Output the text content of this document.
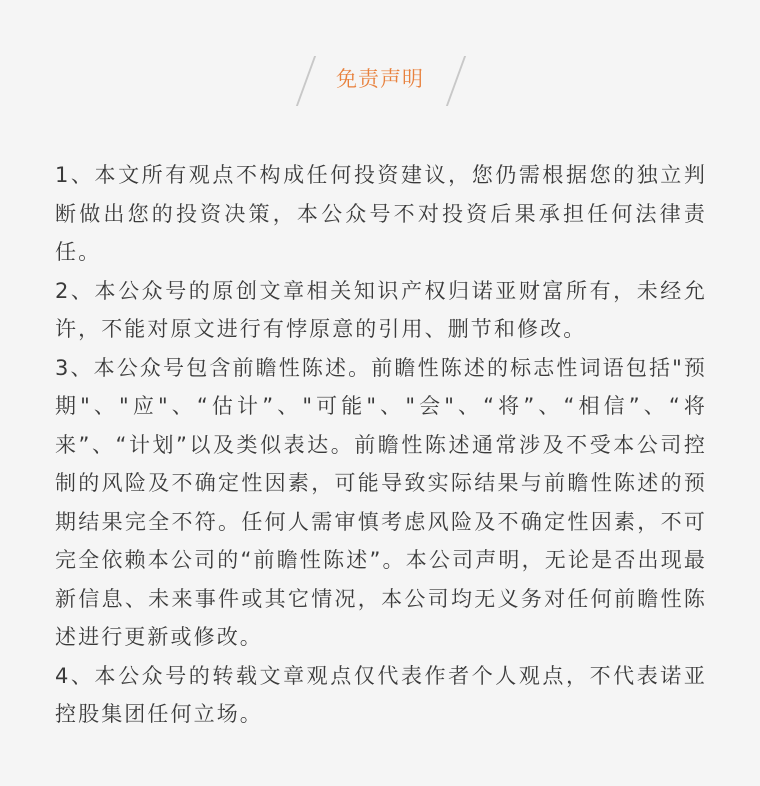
免责声明

1、本文所有观点不构成任何投资建议，您仍需根据您的独立判断做出您的投资决策，本公众号不对投资后果承担任何法律责任。

2、本公众号的原创文章相关知识产权归诺亚财富所有，未经允许，不能对原文进行有悖原意的引用、删节和修改。

3、本公众号包含前瞻性陈述。前瞻性陈述的标志性词语包括"预期"、"应"、“估计”、"可能"、"会"、“将”、“相信”、“将来”、“计划”以及类似表达。前瞻性陈述通常涉及不受本公司控制的风险及不确定性因素，可能导致实际结果与前瞻性陈述的预期结果完全不符。任何人需审慎考虑风险及不确定性因素，不可完全依赖本公司的“前瞻性陈述”。本公司声明，无论是否出现最新信息、未来事件或其它情况，本公司均无义务对任何前瞻性陈述进行更新或修改。

4、本公众号的转载文章观点仅代表作者个人观点，不代表诺亚控股集团任何立场。
